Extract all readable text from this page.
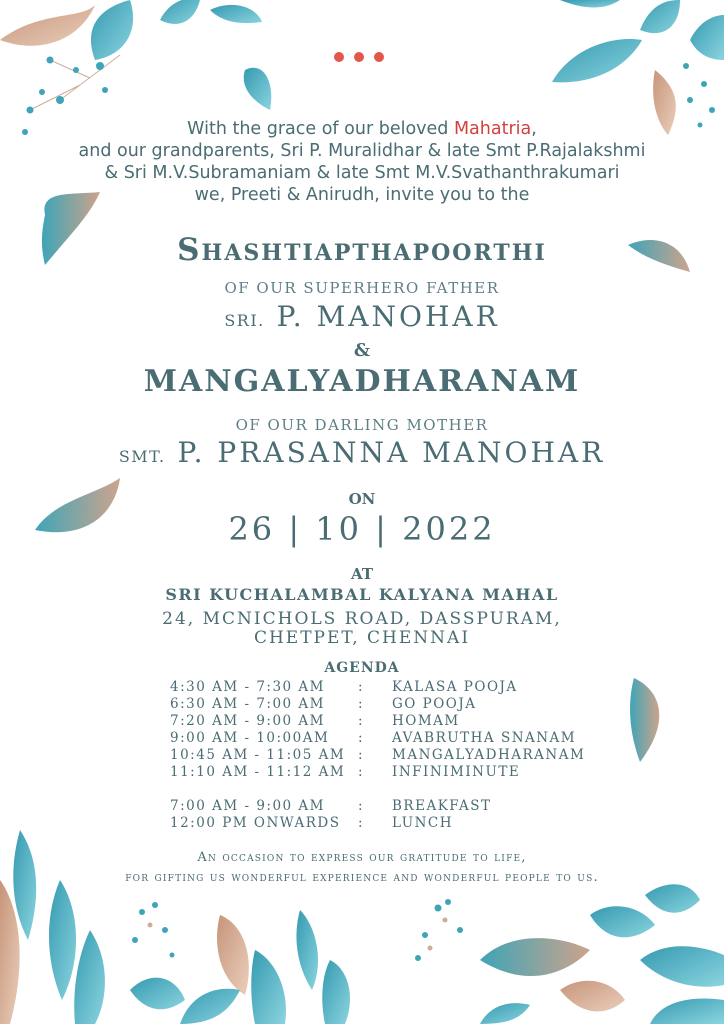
With the grace of our beloved Mahatria,
and our grandparents, Sri P. Muralidhar & late Smt P.Rajalakshmi
& Sri M.V.Subramaniam & late Smt M.V.Svathanthrakumari
we, Preeti & Anirudh, invite you to the
Shashtiapthapoorthi
OF OUR SUPERHERO FATHER
SRI. P. MANOHAR
&
MANGALYADHARANAM
OF OUR DARLING MOTHER
SMT. P. PRASANNA MANOHAR
ON
26 | 10 | 2022
AT
SRI KUCHALAMBAL KALYANA MAHAL
24, MCNICHOLS ROAD, DASSPURAM,
CHETPET, CHENNAI
AGENDA
4:30 AM - 7:30 AM : KALASA POOJA
6:30 AM - 7:00 AM : GO POOJA
7:20 AM - 9:00 AM : HOMAM
9:00 AM - 10:00AM : AVABRUTHA SNANAM
10:45 AM - 11:05 AM : MANGALYADHARANAM
11:10 AM - 11:12 AM : INFINIMINUTE
7:00 AM - 9:00 AM : BREAKFAST
12:00 PM ONWARDS : LUNCH
An occasion to express our gratitude to life,
for gifting us wonderful experience and wonderful people to us.
